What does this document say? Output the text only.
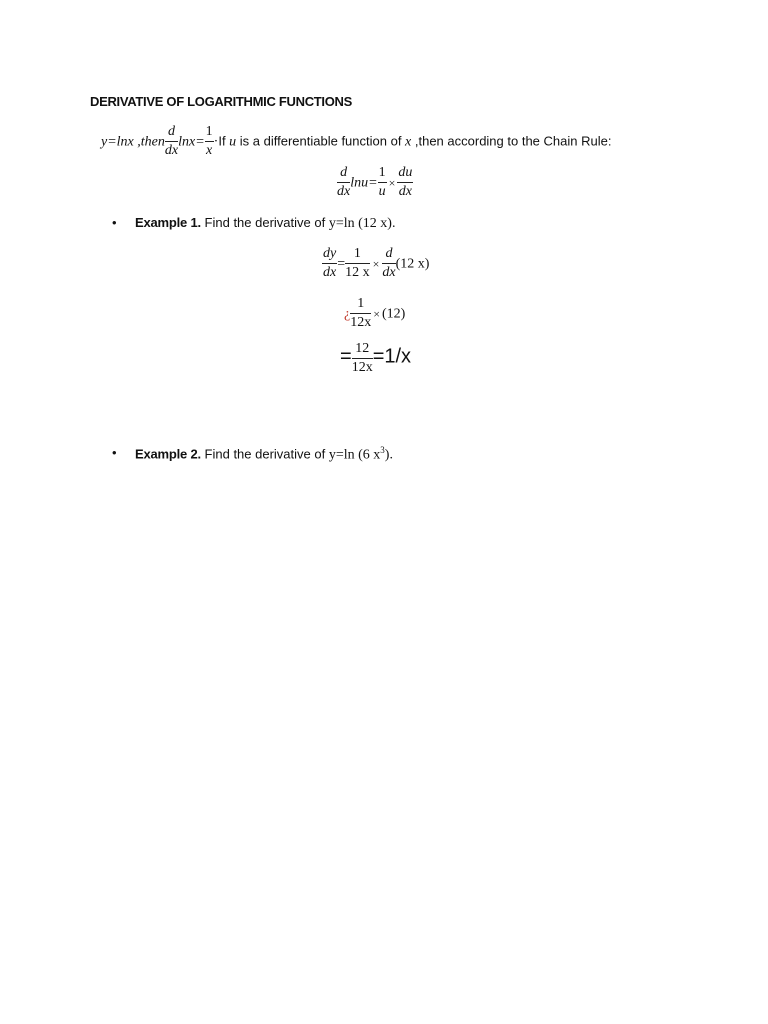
DERIVATIVE OF LOGARITHMIC FUNCTIONS
y=lnx ,then $\frac{d}{dx} \ln x= \frac{1}{x} \cdot If$ u is a differentiable function of x ,then according to the Chain Rule:
$\frac{d}{dx} \ln u= \frac{1}{u} \times \frac{du}{dx}$
• Example 1. Find the derivative of y=ln (12 x).
$\frac{dy}{dx} = \frac{1}{12 x} \times \frac{d}{dx} (12$ x)
¿ $\frac{1}{12x} \times (12)$
= $\frac{12}{12x} =1/x$
• Example 2. Find the derivative of y=ln (6 $x^3$).
